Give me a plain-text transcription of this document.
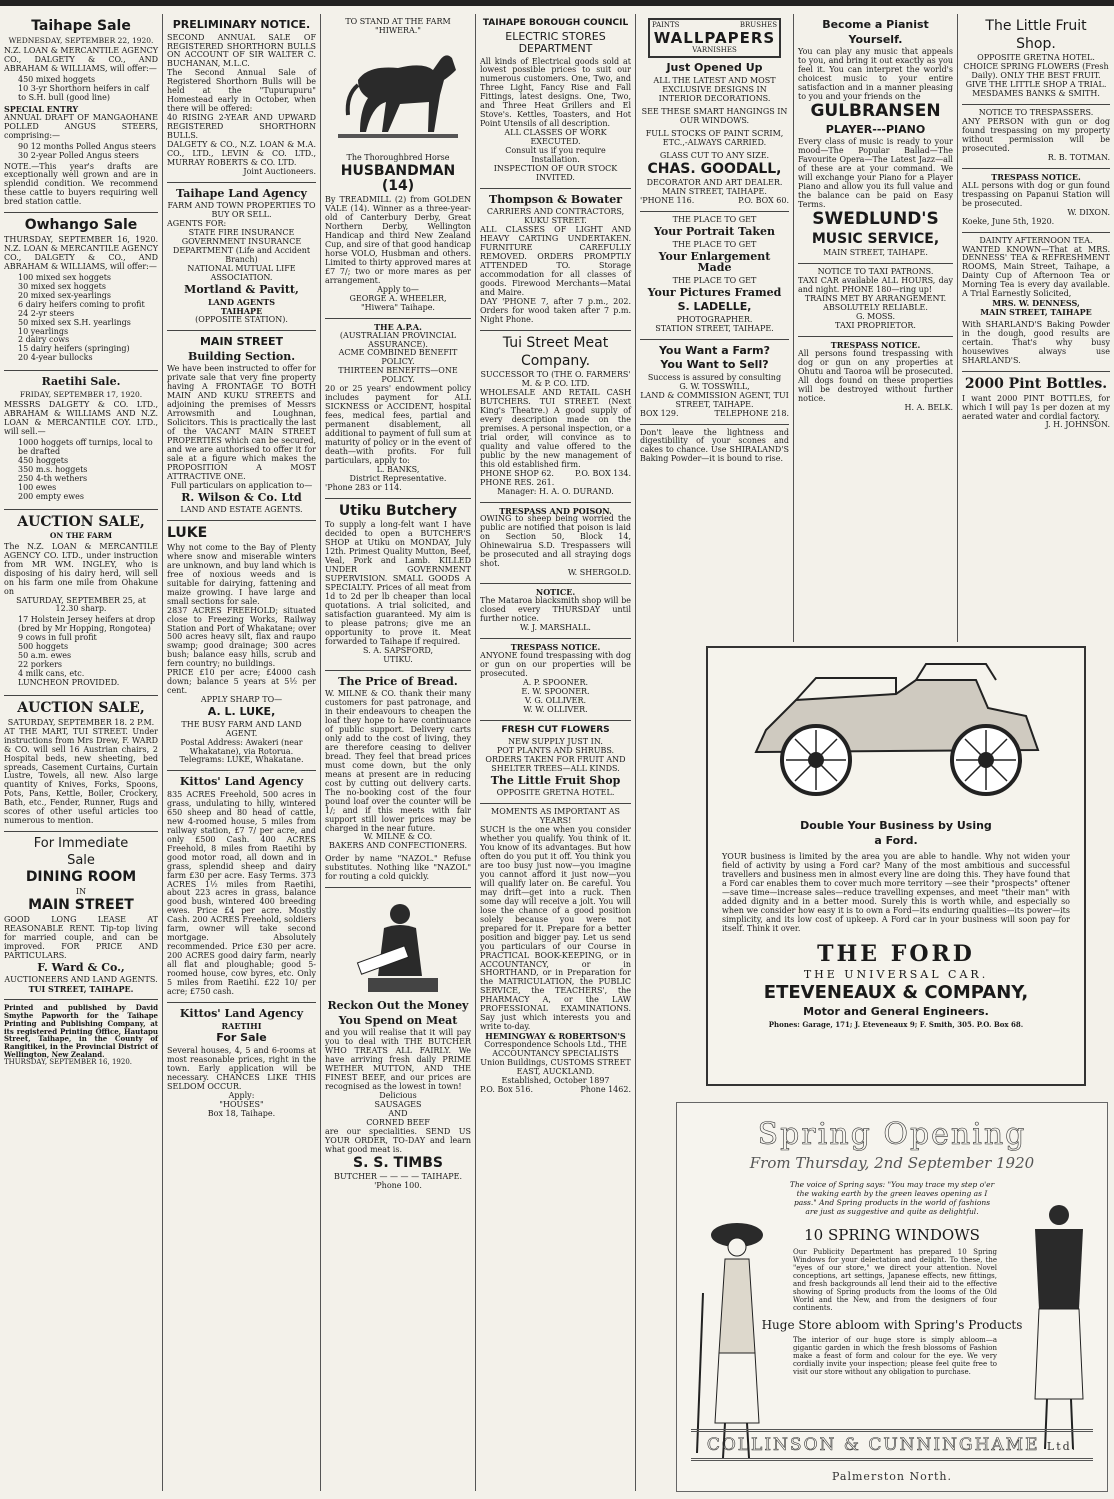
Taihape Sale
WEDNESDAY, SEPTEMBER 22, 1920.
N.Z. LOAN & MERCANTILE AGENCY CO., DALGETY & CO., AND ABRAHAM & WILLIAMS, will offer:—
450 mixed hoggets
10 3-yr Shorthorn heifers in calf to S.H. bull (good line)
SPECIAL ENTRY
ANNUAL DRAFT OF MANGAOHANE POLLED ANGUS STEERS, comprising:—
90 12 months Polled Angus steers
30 2-year Polled Angus steers
NOTE.—This year's drafts are exceptionally well grown and are in splendid condition. We recommend these cattle to buyers requiring well bred station cattle.
Owhango Sale
THURSDAY, SEPTEMBER 16, 1920. N.Z. LOAN & MERCANTILE AGENCY CO., DALGETY & CO., AND ABRAHAM & WILLIAMS, will offer:—
100 mixed sex hoggets
30 mixed sex hoggets
20 mixed sex-yearlings
6 dairy heifers coming to profit
24 2-yr steers
50 mixed sex S.H. yearlings
10 yearlings
2 dairy cows
15 dairy heifers (springing)
20 4-year bullocks
Raetihi Sale.
FRIDAY, SEPTEMBER 17, 1920.
MESSRS DALGETY & CO. LTD., ABRAHAM & WILLIAMS AND N.Z. LOAN & MERCANTILE COY. LTD., will sell.—
1000 hoggets off turnips, local to be drafted
450 hoggets
350 m.s. hoggets
250 4-th wethers
100 ewes
200 empty ewes
AUCTION SALE,
ON THE FARM
The N.Z. LOAN & MERCANTILE AGENCY CO. LTD., under instruction from MR WM. INGLEY, who is disposing of his dairy herd, will sell on his farm one mile from Ohakune on
SATURDAY, SEPTEMBER 25, at 12.30 sharp.
17 Holstein Jersey heifers at drop (bred by Mr Hopping, Rongotea)
9 cows in full profit
500 hoggets
50 a.m. ewes
22 porkers
4 milk cans, etc.
LUNCHEON PROVIDED.
AUCTION SALE,
SATURDAY, SEPTEMBER 18. 2 P.M.
AT THE MART, TUI STREET. Under instructions from Mrs Drew, F. WARD & CO. will sell 16 Austrian chairs, 2 Hospital beds, new sheeting, bed spreads, Casement Curtains, Curtain Lustre, Towels, all new. Also large quantity of Knives, Forks, Spoons, Pots, Pans, Kettle, Boiler, Crockery, Bath, etc., Fender, Runner, Rugs and scores of other useful articles too numerous to mention.
For Immediate
Sale
DINING ROOM
IN
MAIN STREET
GOOD LONG LEASE AT REASONABLE RENT. Tip-top living for married couple, and can be improved. FOR PRICE AND PARTICULARS.
F. Ward & Co.,
AUCTIONEERS AND LAND AGENTS.
TUI STREET, TAIHAPE.
Printed and published by David Smythe Papworth for the Taihape Printing and Publishing Company, at its registered Printing Office, Hautapu Street, Taihape, in the County of Rangitikei, in the Provincial District of Wellington, New Zealand.
THURSDAY, SEPTEMBER 16, 1920.
PRELIMINARY NOTICE.
SECOND ANNUAL SALE OF REGISTERED SHORTHORN BULLS ON ACCOUNT OF SIR WALTER C. BUCHANAN, M.L.C.
The Second Annual Sale of Registered Shorthorn Bulls will be held at the "Tupurupuru" Homestead early in October, when there will be offered:
40 RISING 2-YEAR AND UPWARD REGISTERED SHORTHORN BULLS.
DALGETY & CO., N.Z. LOAN & M.A. CO., LTD., LEVIN & CO. LTD., MURRAY ROBERTS & CO. LTD.
Joint Auctioneers.
Taihape Land Agency
FARM AND TOWN PROPERTIES TO BUY OR SELL.
AGENTS FOR:
STATE FIRE INSURANCE
GOVERNMENT INSURANCE DEPARTMENT (Life and Accident Branch)
NATIONAL MUTUAL LIFE ASSOCIATION.
Mortland & Pavitt,
LAND AGENTS
TAIHAPE
(OPPOSITE STATION).
MAIN STREET
Building Section.
We have been instructed to offer for private sale that very fine property having A FRONTAGE TO BOTH MAIN AND KUKU STREETS and adjoining the premises of Messrs Arrowsmith and Loughnan, Solicitors. This is practically the last of the VACANT MAIN STREET PROPERTIES which can be secured, and we are authorised to offer it for sale at a figure which makes the PROPOSITION A MOST ATTRACTIVE ONE.
Full particulars on application to—
R. Wilson & Co. Ltd
LAND AND ESTATE AGENTS.
LUKE
Why not come to the Bay of Plenty where snow and miserable winters are unknown, and buy land which is free of noxious weeds and is suitable for dairying, fattening and maize growing. I have large and small sections for sale.
2837 ACRES FREEHOLD; situated close to Freezing Works, Railway Station and Port of Whakatane; over 500 acres heavy silt, flax and raupo swamp; good drainage; 300 acres bush; balance easy hills, scrub and fern country; no buildings.
PRICE £10 per acre; £4000 cash down; balance 5 years at 5½ per cent.
APPLY SHARP TO—
A. L. LUKE,
THE BUSY FARM AND LAND AGENT.
Postal Address: Awakeri (near Whakatane), via Rotorua.
Telegrams: LUKE, Whakatane.
Kittos' Land Agency
835 ACRES Freehold, 500 acres in grass, undulating to hilly, wintered 650 sheep and 80 head of cattle, new 4-roomed house, 5 miles from railway station, £7 7/ per acre, and only £500 Cash. 400 ACRES Freehold, 8 miles from Raetihi by good motor road, all down and in grass, splendid sheep and dairy farm £30 per acre. Easy Terms. 373 ACRES 1½ miles from Raetihi, about 223 acres in grass, balance good bush, wintered 400 breeding ewes. Price £4 per acre. Mostly Cash. 200 ACRES Freehold, soldiers farm, owner will take second mortgage. Absolutely recommended. Price £30 per acre. 200 ACRES good dairy farm, nearly all flat and ploughable; good 5-roomed house, cow byres, etc. Only 5 miles from Raetihi. £22 10/ per acre; £750 cash.
Kittos' Land Agency
RAETIHI
For Sale
Several houses, 4, 5 and 6-rooms at most reasonable prices, right in the town. Early application will be necessary. CHANCES LIKE THIS SELDOM OCCUR.
Apply:
"HOUSES"
Box 18, Taihape.
TO STAND AT THE FARM "HIWERA."
The Thoroughbred Horse
HUSBANDMAN (14)
By TREADMILL (2) from GOLDEN VALE (14). Winner as a three-year-old of Canterbury Derby, Great Northern Derby, Wellington Handicap and third New Zealand Cup, and sire of that good handicap horse VOLO, Husbman and others. Limited to thirty approved mares at £7 7/; two or more mares as per arrangement.
Apply to—
GEORGE A. WHEELER,
"Hiwera" Taihape.
THE A.P.A.
(AUSTRALIAN PROVINCIAL ASSURANCE).
ACME COMBINED BENEFIT POLICY.
THIRTEEN BENEFITS—ONE POLICY.
20 or 25 years' endowment policy includes payment for ALL SICKNESS or ACCIDENT, hospital fees, medical fees, partial and permanent disablement, all additional to payment of full sum at maturity of policy or in the event of death—with profits. For full particulars, apply to:
L. BANKS,
District Representative.
'Phone 283 or 114.
Utiku Butchery
To supply a long-felt want I have decided to open a BUTCHER'S SHOP at Utiku on MONDAY, July 12th. Primest Quality Mutton, Beef, Veal, Pork and Lamb. KILLED UNDER GOVERNMENT SUPERVISION. SMALL GOODS A SPECIALTY. Prices of all meat from 1d to 2d per lb cheaper than local quotations. A trial solicited, and satisfaction guaranteed. My aim is to please patrons; give me an opportunity to prove it. Meat forwarded to Taihape if required.
S. A. SAPSFORD,
UTIKU.
The Price of Bread.
W. MILNE & CO. thank their many customers for past patronage, and in their endeavours to cheapen the loaf they hope to have continuance of public support. Delivery carts only add to the cost of living, they are therefore ceasing to deliver bread. They feel that bread prices must come down, but the only means at present are in reducing cost by cutting out delivery carts. The no-booking cost of the four pound loaf over the counter will be 1/; and if this meets with fair support still lower prices may be charged in the near future.
W. MILNE & CO.
BAKERS AND CONFECTIONERS.
Order by name "NAZOL." Refuse substitutes. Nothing like "NAZOL" for routing a cold quickly.
Reckon Out the Money
You Spend on Meat
and you will realise that it will pay you to deal with THE BUTCHER WHO TREATS ALL FAIRLY. We have arriving fresh daily PRIME WETHER MUTTON, AND THE FINEST BEEF, and our prices are recognised as the lowest in town!
Delicious
SAUSAGES
AND
CORNED BEEF
are our specialities. SEND US YOUR ORDER, TO-DAY and learn what good meat is.
S. S. TIMBS
BUTCHER — — — — TAIHAPE.
'Phone 100.
TAIHAPE BOROUGH COUNCIL
ELECTRIC STORES DEPARTMENT
All kinds of Electrical goods sold at lowest possible prices to suit our numerous customers. One, Two, and Three Light, Fancy Rise and Fall Fittings, latest designs. One, Two, and Three Heat Grillers and El Stove's. Kettles, Toasters, and Hot Point Utensils of all description.
ALL CLASSES OF WORK EXECUTED.
Consult us if you require Installation.
INSPECTION OF OUR STOCK INVITED.
Thompson & Bowater
CARRIERS AND CONTRACTORS, KUKU STREET.
ALL CLASSES OF LIGHT AND HEAVY CARTING UNDERTAKEN. FURNITURE CAREFULLY REMOVED. ORDERS PROMPTLY ATTENDED TO. Storage accommodation for all classes of goods. Firewood Merchants—Matai and Maire.
DAY 'PHONE 7, after 7 p.m., 202. Orders for wood taken after 7 p.m. Night Phone.
Tui Street Meat
Company.
SUCCESSOR TO (THE O. FARMERS' M. & P. CO. LTD.
WHOLESALE AND RETAIL CASH BUTCHERS. TUI STREET. (Next King's Theatre.) A good supply of every description made on the premises. A personal inspection, or a trial order, will convince as to quality and value offered to the public by the new management of this old established firm.
PHONE SHOP 62.	P.O. BOX 134.
PHONE RES. 261.
Manager: H. A. O. DURAND.
TRESPASS AND POISON.
OWING to sheep being worried the public are notified that poison is laid on Section 50, Block 14, Ohinewairua S.D. Trespassers will be prosecuted and all straying dogs shot.
W. SHERGOLD.
NOTICE.
The Mataroa blacksmith shop will be closed every THURSDAY until further notice.
W. J. MARSHALL.
TRESPASS NOTICE.
ANYONE found trespassing with dog or gun on our properties will be prosecuted.
A. P. SPOONER.
E. W. SPOONER.
V. G. OLLIVER.
W. W. OLLIVER.
FRESH CUT FLOWERS
NEW SUPPLY JUST IN.
POT PLANTS AND SHRUBS.
ORDERS TAKEN FOR FRUIT AND SHELTER TREES—ALL KINDS.
The Little Fruit Shop
OPPOSITE GRETNA HOTEL.
MOMENTS AS IMPORTANT AS YEARS!
SUCH is the one when you consider whether you qualify. You think of it. You know of its advantages. But how often do you put it off. You think you are too busy just now—you imagine you cannot afford it just now—you will qualify later on. Be careful. You may drift—get into a ruck. Then some day will receive a jolt. You will lose the chance of a good position solely because you were not prepared for it. Prepare for a better position and bigger pay. Let us send you particulars of our Course in PRACTICAL BOOK-KEEPING, or in ACCOUNTANCY, or in SHORTHAND, or in Preparation for the MATRICULATION, the PUBLIC SERVICE, the TEACHERS', the PHARMACY A, or the LAW PROFESSIONAL EXAMINATIONS. Say just which interests you and write to-day.
HEMINGWAY & ROBERTSON'S
Correspondence Schools Ltd., THE ACCOUNTANCY SPECIALISTS Union Buildings, CUSTOMS STREET EAST, AUCKLAND.
Established, October 1897
P.O. Box 516.	Phone 1462.
PAINTS	BRUSHES
WALLPAPERS
VARNISHES
Just Opened Up
ALL THE LATEST AND MOST EXCLUSIVE DESIGNS IN INTERIOR DECORATIONS.
SEE THESE SMART HANGINGS IN OUR WINDOWS.
FULL STOCKS OF PAINT SCRIM, ETC.,-ALWAYS CARRIED.
GLASS CUT TO ANY SIZE.
CHAS. GOODALL,
DECORATOR AND ART DEALER.
MAIN STREET, TAIHAPE.
'PHONE 116.	P.O. BOX 60.
THE PLACE TO GET
Your Portrait Taken
THE PLACE TO GET
Your Enlargement Made
THE PLACE TO GET
Your Pictures Framed
S. LADELLE,
PHOTOGRAPHER.
STATION STREET, TAIHAPE.
You Want a Farm?
You Want to Sell?
Success is assured by consulting
G. W. TOSSWILL,
LAND & COMMISSION AGENT, TUI STREET, TAIHAPE.
BOX 129.	TELEPHONE 218.
Don't leave the lightness and digestibility of your scones and cakes to chance. Use SHIRALAND'S Baking Powder—it is bound to rise.
Become a Pianist
Yourself.
You can play any music that appeals to you, and bring it out exactly as you feel it. You can interpret the world's choicest music to your entire satisfaction and in a manner pleasing to you and your friends on the
GULBRANSEN
PLAYER---PIANO
Every class of music is ready to your mood—The Popular Ballad—The Favourite Opera—The Latest Jazz—all of these are at your command. We will exchange your Piano for a Player Piano and allow you its full value and the balance can be paid on Easy Terms.
SWEDLUND'S
MUSIC SERVICE,
MAIN STREET, TAIHAPE.
NOTICE TO TAXI PATRONS.
TAXI CAR available ALL HOURS, day and night. PHONE 180—ring up!
TRAINS MET BY ARRANGEMENT.
ABSOLUTELY RELIABLE.
G. MOSS.
TAXI PROPRIETOR.
TRESPASS NOTICE.
All persons found trespassing with dog or gun on any properties at Ohutu and Taoroa will be prosecuted. All dogs found on these properties will be destroyed without further notice.
H. A. BELK.
The Little Fruit
Shop.
OPPOSITE GRETNA HOTEL. CHOICE SPRING FLOWERS (Fresh Daily). ONLY THE BEST FRUIT. GIVE THE LITTLE SHOP A TRIAL.
MESDAMES BANKS & SMITH.
NOTICE TO TRESPASSERS.
ANY PERSON with gun or dog found trespassing on my property without permission will be prosecuted.
R. B. TOTMAN.
TRESPASS NOTICE.
ALL persons with dog or gun found trespassing on Papanui Station will be prosecuted.
W. DIXON.
Koeke, June 5th, 1920.
DAINTY AFTERNOON TEA.
WANTED KNOWN—That at MRS. DENNESS' TEA & REFRESHMENT ROOMS, Main Street, Taihape, a Dainty Cup of Afternoon Tea or Morning Tea is every day available. A Trial Earnestly Solicited,
MRS. W. DENNESS,
MAIN STREET, TAIHAPE
With SHARLAND'S Baking Powder in the dough, good results are certain. That's why busy housewives always use SHARLAND'S.
2000 Pint Bottles.
I want 2000 PINT BOTTLES, for which I will pay 1s per dozen at my aerated water and cordial factory.
J. H. JOHNSON.
Double Your Business by Using
a Ford.
YOUR business is limited by the area you are able to handle. Why not widen your field of activity by using a Ford car? Many of the most ambitious and successful travellers and business men in almost every line are doing this. They have found that a Ford car enables them to cover much more territory —see their "prospects" oftener—save time—increase sales—reduce travelling expenses, and meet "their man" with added dignity and in a better mood. Surely this is worth while, and especially so when we consider how easy it is to own a Ford—its enduring qualities—its power—its simplicity, and its low cost of upkeep. A Ford car in your business will soon pay for itself. Think it over.
THE FORD
THE UNIVERSAL CAR.
ETEVENEAUX & COMPANY,
Motor and General Engineers.
Phones: Garage, 171; J. Eteveneaux 9; F. Smith, 305. P.O. Box 68.
Spring Opening
From Thursday, 2nd September 1920
The voice of Spring says: "You may trace my step o'er the waking earth by the green leaves opening as I pass." And Spring products in the world of fashions are just as suggestive and quite as delightful.
10 SPRING WINDOWS
Our Publicity Department has prepared 10 Spring Windows for your delectation and delight. To these, the "eyes of our store," we direct your attention. Novel conceptions, art settings, Japanese effects, new fittings, and fresh backgrounds all lend their aid to the effective showing of Spring products from the looms of the Old World and the New, and from the designers of four continents.
Huge Store abloom with Spring's Products
The interior of our huge store is simply abloom—a gigantic garden in which the fresh blossoms of Fashion make a feast of form and colour for the eye. We very cordially invite your inspection; please feel quite free to visit our store without any obligation to purchase.
COLLINSON & CUNNINGHAME Ltd.
Palmerston North.
